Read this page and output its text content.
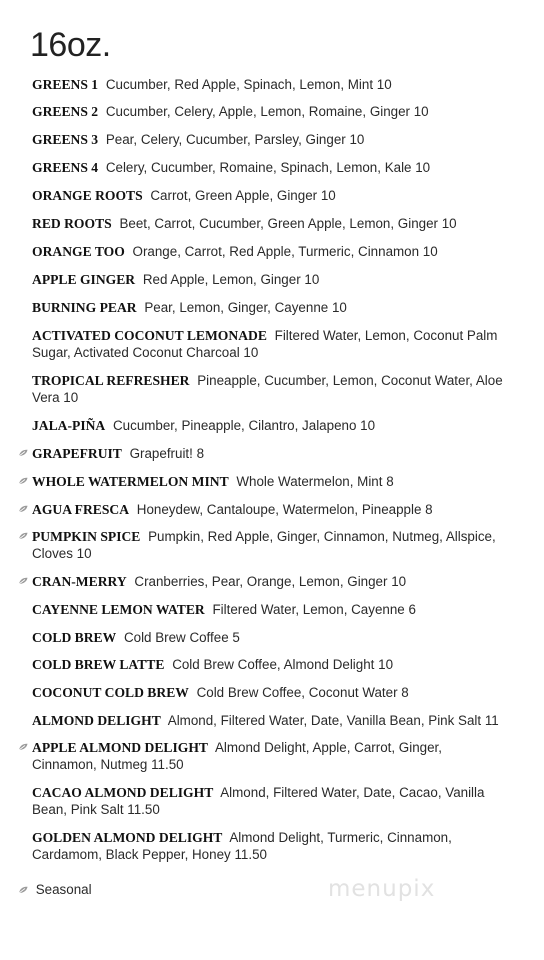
16oz.
GREENS 1 Cucumber, Red Apple, Spinach, Lemon, Mint 10
GREENS 2 Cucumber, Celery, Apple, Lemon, Romaine, Ginger 10
GREENS 3 Pear, Celery, Cucumber, Parsley, Ginger 10
GREENS 4 Celery, Cucumber, Romaine, Spinach, Lemon, Kale 10
ORANGE ROOTS Carrot, Green Apple, Ginger 10
RED ROOTS Beet, Carrot, Cucumber, Green Apple, Lemon, Ginger 10
ORANGE TOO Orange, Carrot, Red Apple, Turmeric, Cinnamon 10
APPLE GINGER Red Apple, Lemon, Ginger 10
BURNING PEAR Pear, Lemon, Ginger, Cayenne 10
ACTIVATED COCONUT LEMONADE Filtered Water, Lemon, Coconut Palm Sugar, Activated Coconut Charcoal 10
TROPICAL REFRESHER Pineapple, Cucumber, Lemon, Coconut Water, Aloe Vera 10
JALA-PIÑA Cucumber, Pineapple, Cilantro, Jalapeno 10
GRAPEFRUIT Grapefruit! 8
WHOLE WATERMELON MINT Whole Watermelon, Mint 8
AGUA FRESCA Honeydew, Cantaloupe, Watermelon, Pineapple 8
PUMPKIN SPICE Pumpkin, Red Apple, Ginger, Cinnamon, Nutmeg, Allspice, Cloves 10
CRAN-MERRY Cranberries, Pear, Orange, Lemon, Ginger 10
CAYENNE LEMON WATER Filtered Water, Lemon, Cayenne 6
COLD BREW Cold Brew Coffee 5
COLD BREW LATTE Cold Brew Coffee, Almond Delight 10
COCONUT COLD BREW Cold Brew Coffee, Coconut Water 8
ALMOND DELIGHT Almond, Filtered Water, Date, Vanilla Bean, Pink Salt 11
APPLE ALMOND DELIGHT Almond Delight, Apple, Carrot, Ginger, Cinnamon, Nutmeg 11.50
CACAO ALMOND DELIGHT Almond, Filtered Water, Date, Cacao, Vanilla Bean, Pink Salt 11.50
GOLDEN ALMOND DELIGHT Almond Delight, Turmeric, Cinnamon, Cardamom, Black Pepper, Honey 11.50
Seasonal	menupix
